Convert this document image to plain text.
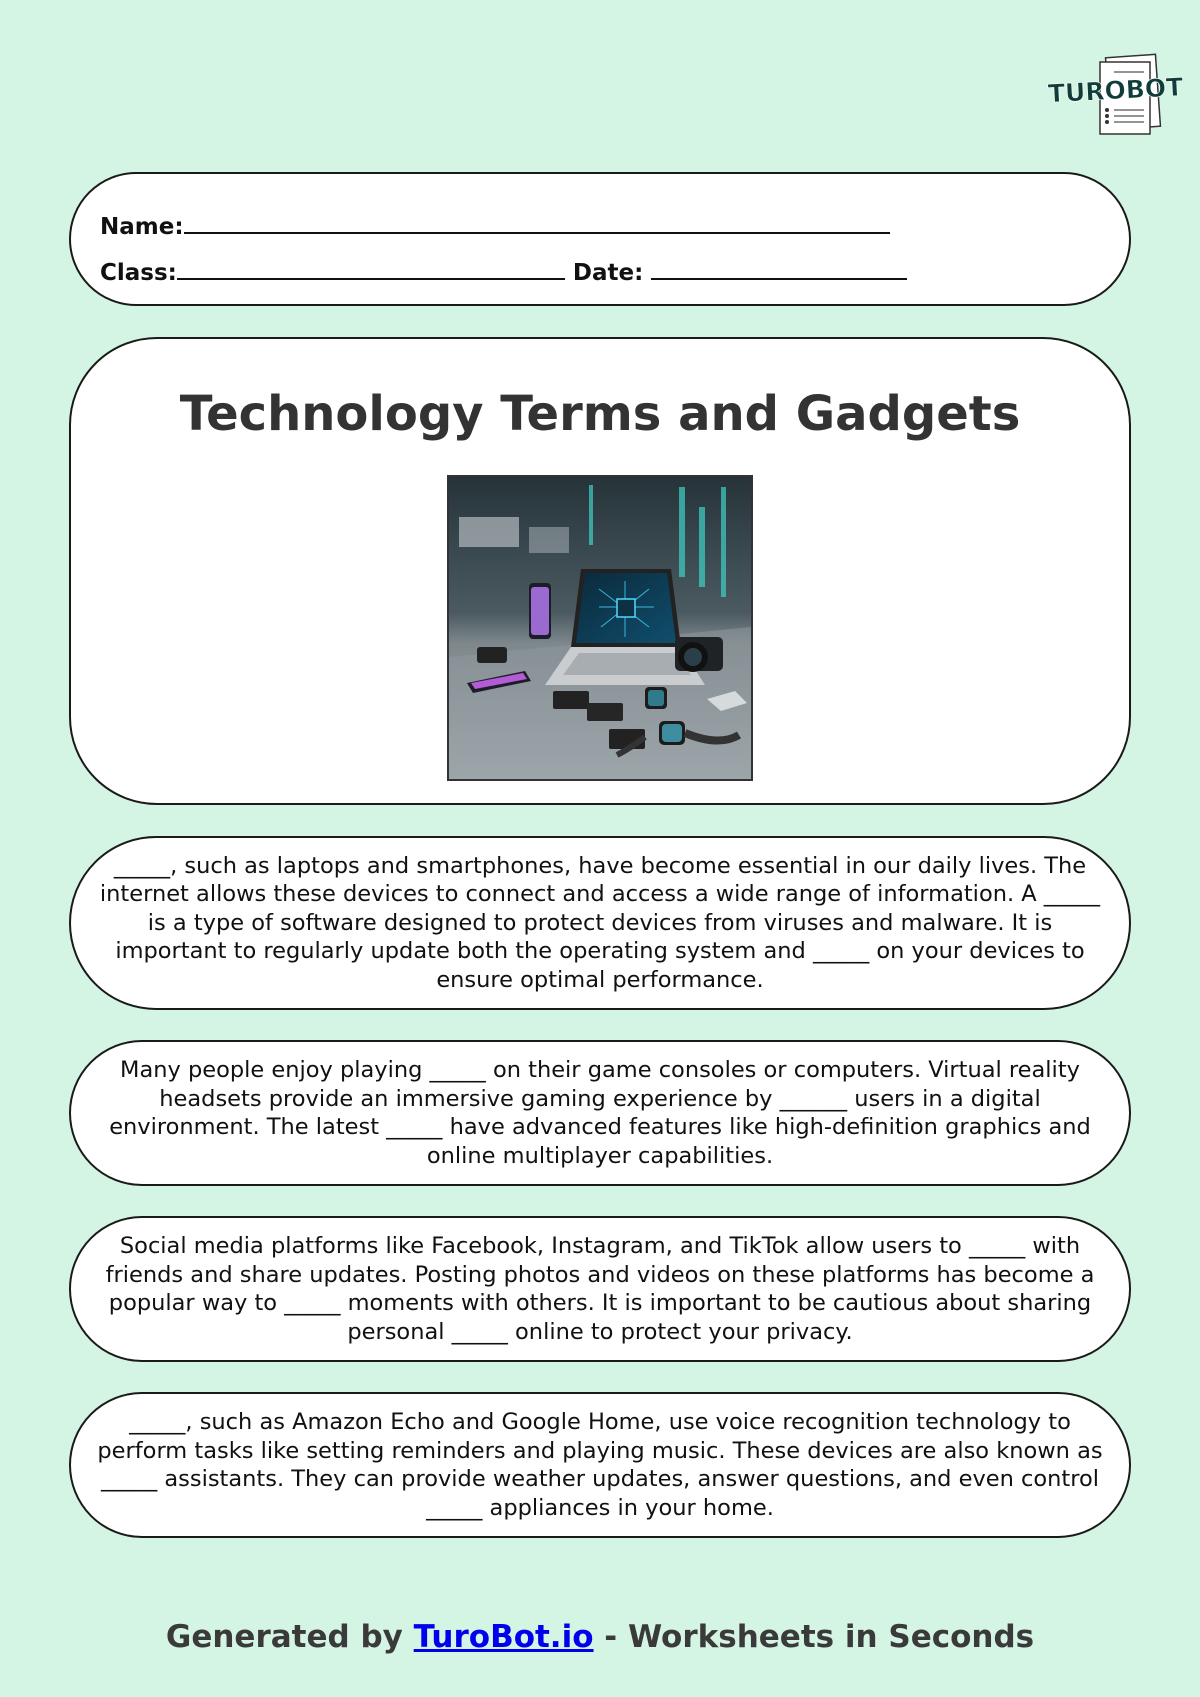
TUROBOT
Name:
Class:	Date:
Technology Terms and Gadgets

_____, such as laptops and smartphones, have become essential in our daily lives. The internet allows these devices to connect and access a wide range of information. A _____ is a type of software designed to protect devices from viruses and malware. It is important to regularly update both the operating system and _____ on your devices to ensure optimal performance.

Many people enjoy playing _____ on their game consoles or computers. Virtual reality headsets provide an immersive gaming experience by ______ users in a digital environment. The latest _____ have advanced features like high-definition graphics and online multiplayer capabilities.

Social media platforms like Facebook, Instagram, and TikTok allow users to _____ with friends and share updates. Posting photos and videos on these platforms has become a popular way to _____ moments with others. It is important to be cautious about sharing personal _____ online to protect your privacy.

_____, such as Amazon Echo and Google Home, use voice recognition technology to perform tasks like setting reminders and playing music. These devices are also known as _____ assistants. They can provide weather updates, answer questions, and even control _____ appliances in your home.

Generated by TuroBot.io - Worksheets in Seconds
